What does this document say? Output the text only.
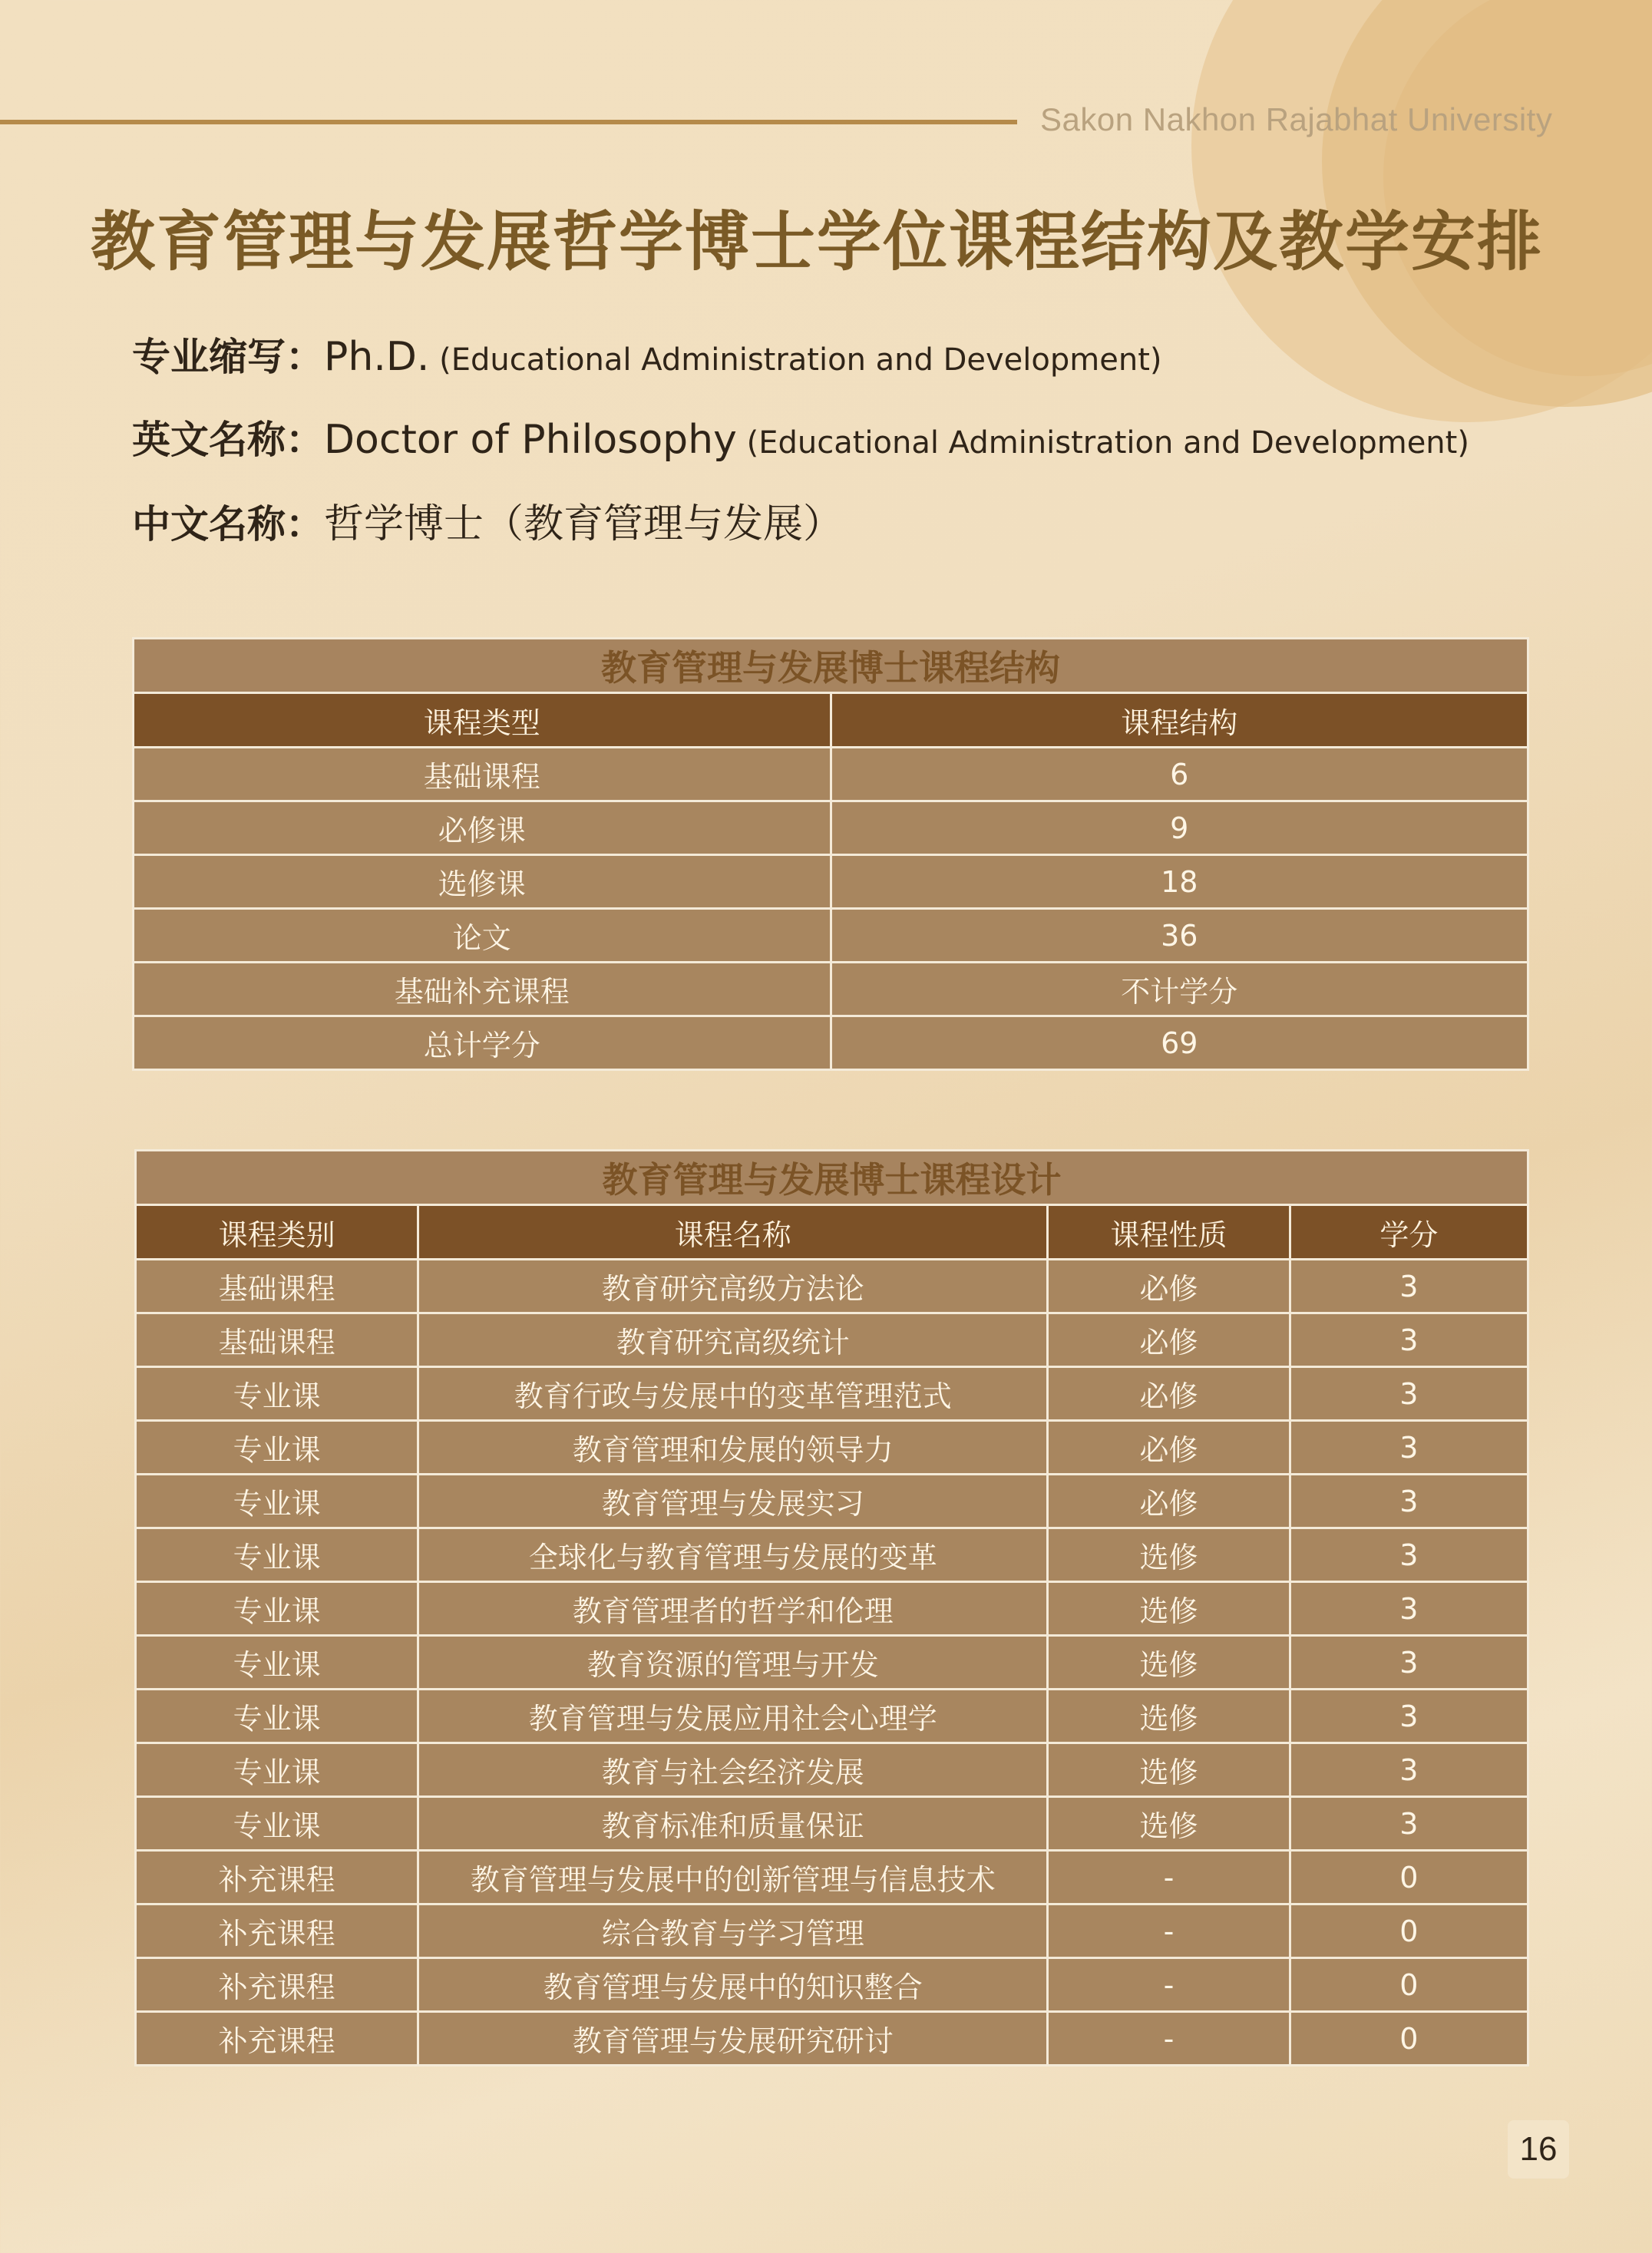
Sakon Nakhon Rajabhat University
教育管理与发展哲学博士学位课程结构及教学安排
专业缩写：Ph.D. (Educational Administration and Development)
英文名称：Doctor of Philosophy (Educational Administration and Development)
中文名称：哲学博士（教育管理与发展）
教育管理与发展博士课程结构	
课程类型	课程结构
基础课程	6
必修课	9
选修课	18
论文	36
基础补充课程	不计学分
总计学分	69
教育管理与发展博士课程设计			
课程类别	课程名称	课程性质	学分
基础课程	教育研究高级方法论	必修	3
基础课程	教育研究高级统计	必修	3
专业课	教育行政与发展中的变革管理范式	必修	3
专业课	教育管理和发展的领导力	必修	3
专业课	教育管理与发展实习	必修	3
专业课	全球化与教育管理与发展的变革	选修	3
专业课	教育管理者的哲学和伦理	选修	3
专业课	教育资源的管理与开发	选修	3
专业课	教育管理与发展应用社会心理学	选修	3
专业课	教育与社会经济发展	选修	3
专业课	教育标准和质量保证	选修	3
补充课程	教育管理与发展中的创新管理与信息技术	-	0
补充课程	综合教育与学习管理	-	0
补充课程	教育管理与发展中的知识整合	-	0
补充课程	教育管理与发展研究研讨	-	0
16
